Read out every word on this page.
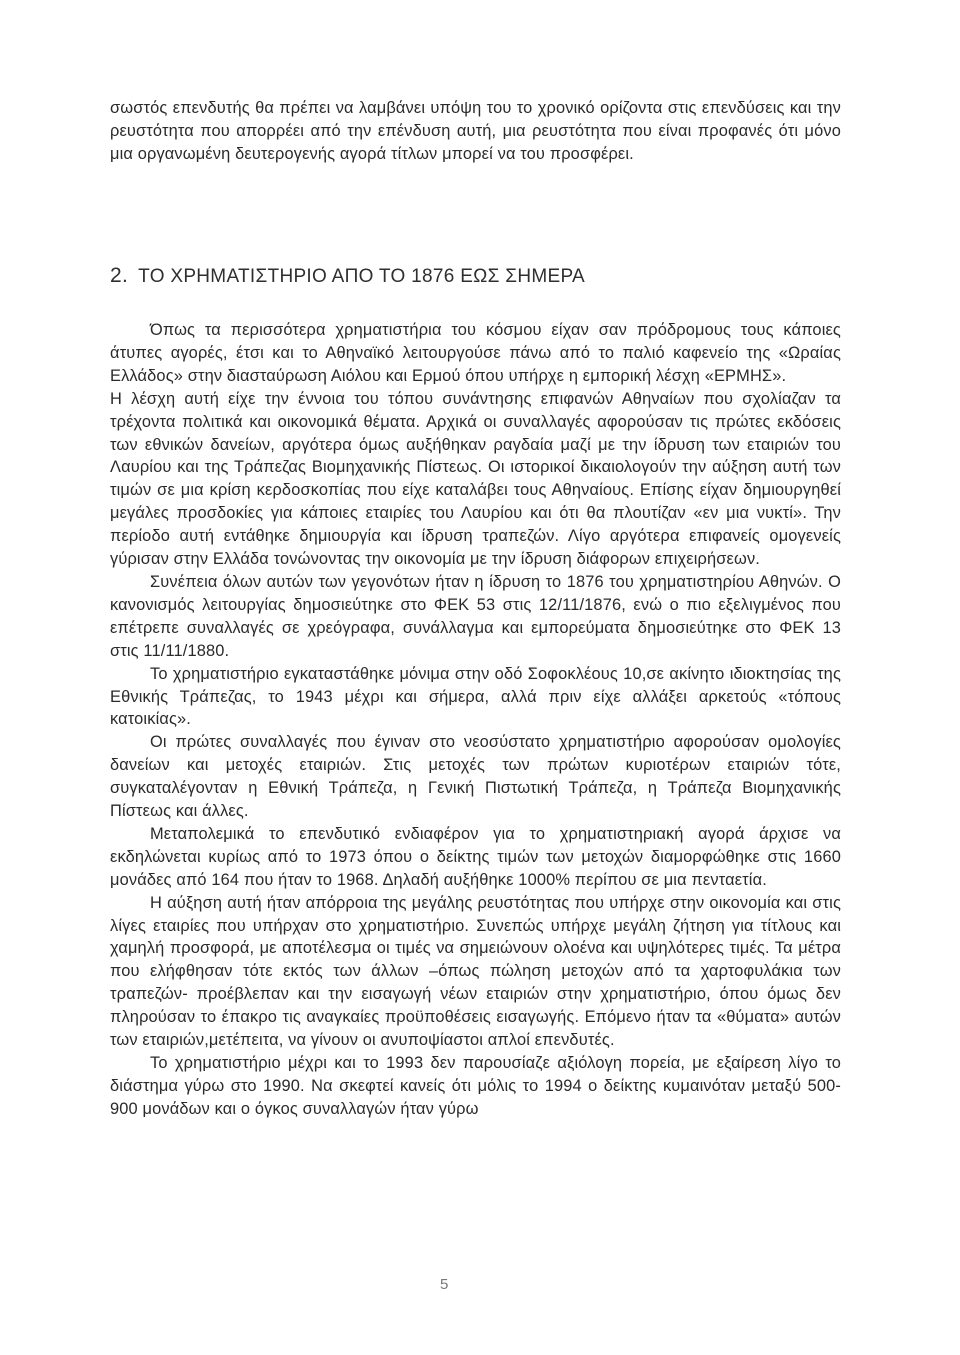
σωστός επενδυτής θα πρέπει να λαμβάνει υπόψη του το χρονικό ορίζοντα στις επενδύσεις και την ρευστότητα που απορρέει από την επένδυση αυτή, μια ρευστότητα που είναι προφανές ότι μόνο μια οργανωμένη δευτερογενής αγορά τίτλων μπορεί να του προσφέρει.

2. ΤΟ ΧΡΗΜΑΤΙΣΤΗΡΙΟ ΑΠΟ ΤΟ 1876 ΕΩΣ ΣΗΜΕΡΑ

Όπως τα περισσότερα χρηματιστήρια του κόσμου είχαν σαν πρόδρομους τους κάποιες άτυπες αγορές, έτσι και το Αθηναϊκό λειτουργούσε πάνω από το παλιό καφενείο της «Ωραίας Ελλάδος» στην διασταύρωση Αιόλου και Ερμού όπου υπήρχε η εμπορική λέσχη «ΕΡΜΗΣ».

Η λέσχη αυτή είχε την έννοια του τόπου συνάντησης επιφανών Αθηναίων που σχολίαζαν τα τρέχοντα πολιτικά και οικονομικά θέματα. Αρχικά οι συναλλαγές αφορούσαν τις πρώτες εκδόσεις των εθνικών δανείων, αργότερα όμως αυξήθηκαν ραγδαία μαζί με την ίδρυση των εταιριών του Λαυρίου και της Τράπεζας Βιομηχανικής Πίστεως. Οι ιστορικοί δικαιολογούν την αύξηση αυτή των τιμών σε μια κρίση κερδοσκοπίας που είχε καταλάβει τους Αθηναίους. Επίσης είχαν δημιουργηθεί μεγάλες προσδοκίες για κάποιες εταιρίες του Λαυρίου και ότι θα πλουτίζαν «εν μια νυκτί». Την περίοδο αυτή εντάθηκε δημιουργία και ίδρυση τραπεζών. Λίγο αργότερα επιφανείς ομογενείς γύρισαν στην Ελλάδα τονώνοντας την οικονομία με την ίδρυση διάφορων επιχειρήσεων.

Συνέπεια όλων αυτών των γεγονότων ήταν η ίδρυση το 1876 του χρηματιστηρίου Αθηνών. Ο κανονισμός λειτουργίας δημοσιεύτηκε στο ΦΕΚ 53 στις 12/11/1876, ενώ ο πιο εξελιγμένος που επέτρεπε συναλλαγές σε χρεόγραφα, συνάλλαγμα και εμπορεύματα δημοσιεύτηκε στο ΦΕΚ 13 στις 11/11/1880.

Το χρηματιστήριο εγκαταστάθηκε μόνιμα στην οδό Σοφοκλέους 10,σε ακίνητο ιδιοκτησίας της Εθνικής Τράπεζας, το 1943 μέχρι και σήμερα, αλλά πριν είχε αλλάξει αρκετούς «τόπους κατοικίας».

Οι πρώτες συναλλαγές που έγιναν στο νεοσύστατο χρηματιστήριο αφορούσαν ομολογίες δανείων και μετοχές εταιριών. Στις μετοχές των πρώτων κυριοτέρων εταιριών τότε, συγκαταλέγονταν η Εθνική Τράπεζα, η Γενική Πιστωτική Τράπεζα, η Τράπεζα Βιομηχανικής Πίστεως και άλλες.

Μεταπολεμικά το επενδυτικό ενδιαφέρον για το χρηματιστηριακή αγορά άρχισε να εκδηλώνεται κυρίως από το 1973 όπου ο δείκτης τιμών των μετοχών διαμορφώθηκε στις 1660 μονάδες από 164 που ήταν το 1968. Δηλαδή αυξήθηκε 1000% περίπου σε μια πενταετία.

Η αύξηση αυτή ήταν απόρροια της μεγάλης ρευστότητας που υπήρχε στην οικονομία και στις λίγες εταιρίες που υπήρχαν στο χρηματιστήριο. Συνεπώς υπήρχε μεγάλη ζήτηση για τίτλους και χαμηλή προσφορά, με αποτέλεσμα οι τιμές να σημειώνουν ολοένα και υψηλότερες τιμές. Τα μέτρα που ελήφθησαν τότε εκτός των άλλων –όπως πώληση μετοχών από τα χαρτοφυλάκια των τραπεζών- προέβλεπαν και την εισαγωγή νέων εταιριών στην χρηματιστήριο, όπου όμως δεν πληρούσαν το έπακρο τις αναγκαίες προϋποθέσεις εισαγωγής. Επόμενο ήταν τα «θύματα» αυτών των εταιριών,μετέπειτα, να γίνουν οι ανυποψίαστοι απλοί επενδυτές.

Το χρηματιστήριο μέχρι και το 1993 δεν παρουσίαζε αξιόλογη πορεία, με εξαίρεση λίγο το διάστημα γύρω στο 1990. Να σκεφτεί κανείς ότι μόλις το 1994 ο δείκτης κυμαινόταν μεταξύ 500-900 μονάδων και ο όγκος συναλλαγών ήταν γύρω

5
